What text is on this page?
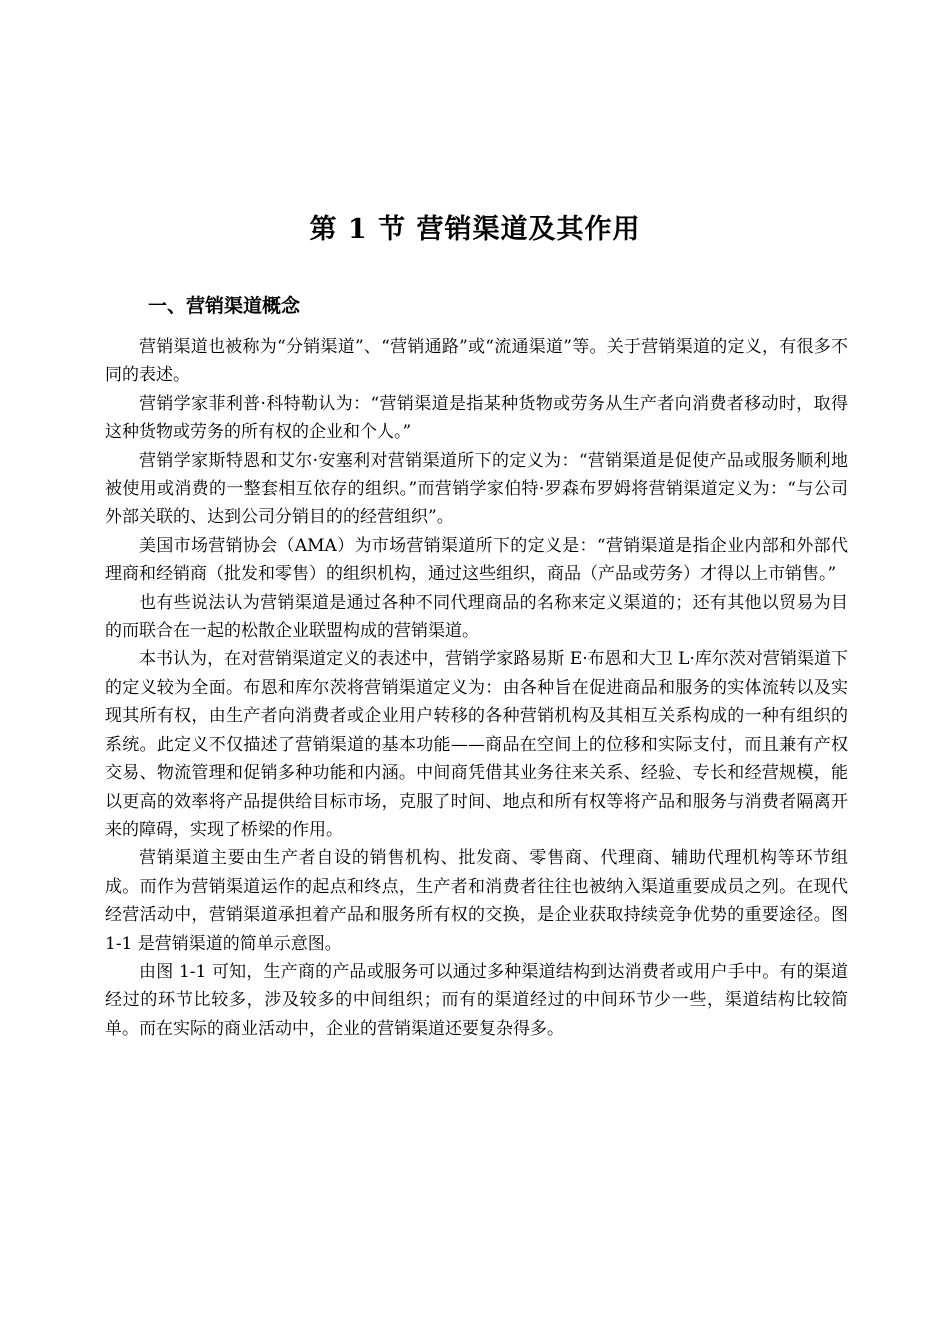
第 1 节 营销渠道及其作用
一、营销渠道概念

营销渠道也被称为“分销渠道”、“营销通路”或“流通渠道”等。关于营销渠道的定义，有很多不同的表述。

营销学家菲利普·科特勒认为：“营销渠道是指某种货物或劳务从生产者向消费者移动时，取得这种货物或劳务的所有权的企业和个人。”

营销学家斯特恩和艾尔·安塞利对营销渠道所下的定义为：“营销渠道是促使产品或服务顺利地被使用或消费的一整套相互依存的组织。”而营销学家伯特·罗森布罗姆将营销渠道定义为：“与公司外部关联的、达到公司分销目的的经营组织”。

美国市场营销协会（AMA）为市场营销渠道所下的定义是：“营销渠道是指企业内部和外部代理商和经销商（批发和零售）的组织机构，通过这些组织，商品（产品或劳务）才得以上市销售。”

也有些说法认为营销渠道是通过各种不同代理商品的名称来定义渠道的；还有其他以贸易为目的而联合在一起的松散企业联盟构成的营销渠道。

本书认为，在对营销渠道定义的表述中，营销学家路易斯 E·布恩和大卫 L·库尔茨对营销渠道下的定义较为全面。布恩和库尔茨将营销渠道定义为：由各种旨在促进商品和服务的实体流转以及实现其所有权，由生产者向消费者或企业用户转移的各种营销机构及其相互关系构成的一种有组织的系统。此定义不仅描述了营销渠道的基本功能——商品在空间上的位移和实际支付，而且兼有产权交易、物流管理和促销多种功能和内涵。中间商凭借其业务往来关系、经验、专长和经营规模，能以更高的效率将产品提供给目标市场，克服了时间、地点和所有权等将产品和服务与消费者隔离开来的障碍，实现了桥梁的作用。

营销渠道主要由生产者自设的销售机构、批发商、零售商、代理商、辅助代理机构等环节组成。而作为营销渠道运作的起点和终点，生产者和消费者往往也被纳入渠道重要成员之列。在现代经营活动中，营销渠道承担着产品和服务所有权的交换，是企业获取持续竞争优势的重要途径。图 1-1 是营销渠道的简单示意图。

由图 1-1 可知，生产商的产品或服务可以通过多种渠道结构到达消费者或用户手中。有的渠道经过的环节比较多，涉及较多的中间组织；而有的渠道经过的中间环节少一些，渠道结构比较简单。而在实际的商业活动中，企业的营销渠道还要复杂得多。
